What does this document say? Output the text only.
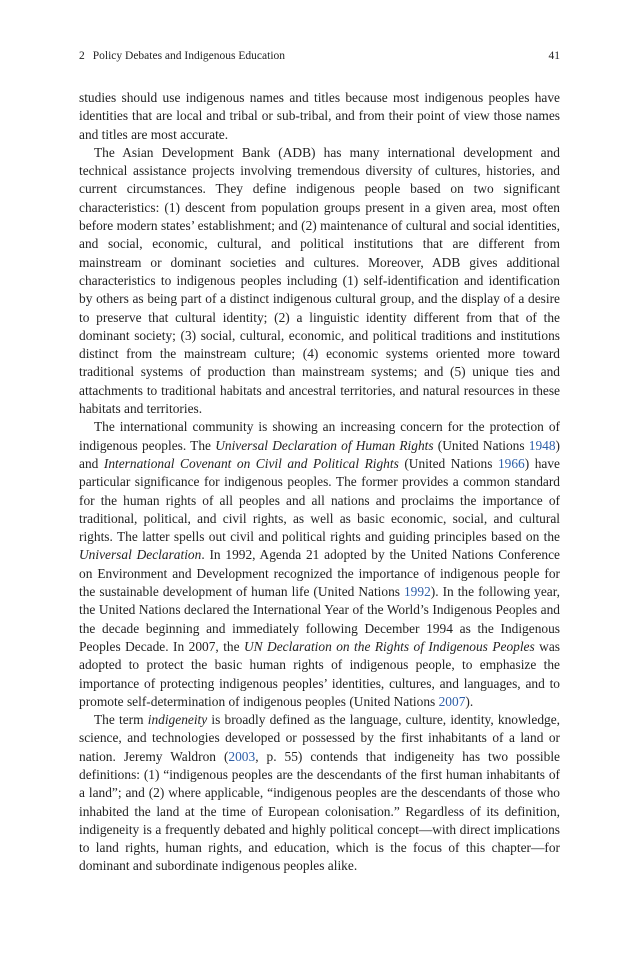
2 Policy Debates and Indigenous Education	41

studies should use indigenous names and titles because most indigenous peoples have identities that are local and tribal or sub-tribal, and from their point of view those names and titles are most accurate.

The Asian Development Bank (ADB) has many international development and technical assistance projects involving tremendous diversity of cultures, histories, and current circumstances. They define indigenous people based on two significant characteristics: (1) descent from population groups present in a given area, most often before modern states’ establishment; and (2) maintenance of cultural and social identities, and social, economic, cultural, and political institutions that are different from mainstream or dominant societies and cultures. Moreover, ADB gives additional characteristics to indigenous peoples including (1) self-identification and identification by others as being part of a distinct indigenous cultural group, and the display of a desire to preserve that cultural identity; (2) a linguistic identity different from that of the dominant society; (3) social, cultural, economic, and political traditions and institutions distinct from the mainstream culture; (4) economic systems oriented more toward traditional systems of production than mainstream systems; and (5) unique ties and attachments to traditional habitats and ancestral territories, and natural resources in these habitats and territories.

The international community is showing an increasing concern for the protection of indigenous peoples. The Universal Declaration of Human Rights (United Nations 1948) and International Covenant on Civil and Political Rights (United Nations 1966) have particular significance for indigenous peoples. The former provides a common standard for the human rights of all peoples and all nations and proclaims the importance of traditional, political, and civil rights, as well as basic economic, social, and cultural rights. The latter spells out civil and political rights and guiding principles based on the Universal Declaration. In 1992, Agenda 21 adopted by the United Nations Conference on Environment and Development recognized the importance of indigenous people for the sustainable development of human life (United Nations 1992). In the following year, the United Nations declared the International Year of the World’s Indigenous Peoples and the decade beginning and immediately following December 1994 as the Indigenous Peoples Decade. In 2007, the UN Declaration on the Rights of Indigenous Peoples was adopted to protect the basic human rights of indigenous people, to emphasize the importance of protecting indigenous peoples’ identities, cultures, and languages, and to promote self-determination of indigenous peoples (United Nations 2007).

The term indigeneity is broadly defined as the language, culture, identity, knowledge, science, and technologies developed or possessed by the first inhabitants of a land or nation. Jeremy Waldron (2003, p. 55) contends that indigeneity has two possible definitions: (1) “indigenous peoples are the descendants of the first human inhabitants of a land”; and (2) where applicable, “indigenous peoples are the descendants of those who inhabited the land at the time of European colonisation.” Regardless of its definition, indigeneity is a frequently debated and highly political concept—with direct implications to land rights, human rights, and education, which is the focus of this chapter—for dominant and subordinate indigenous peoples alike.
